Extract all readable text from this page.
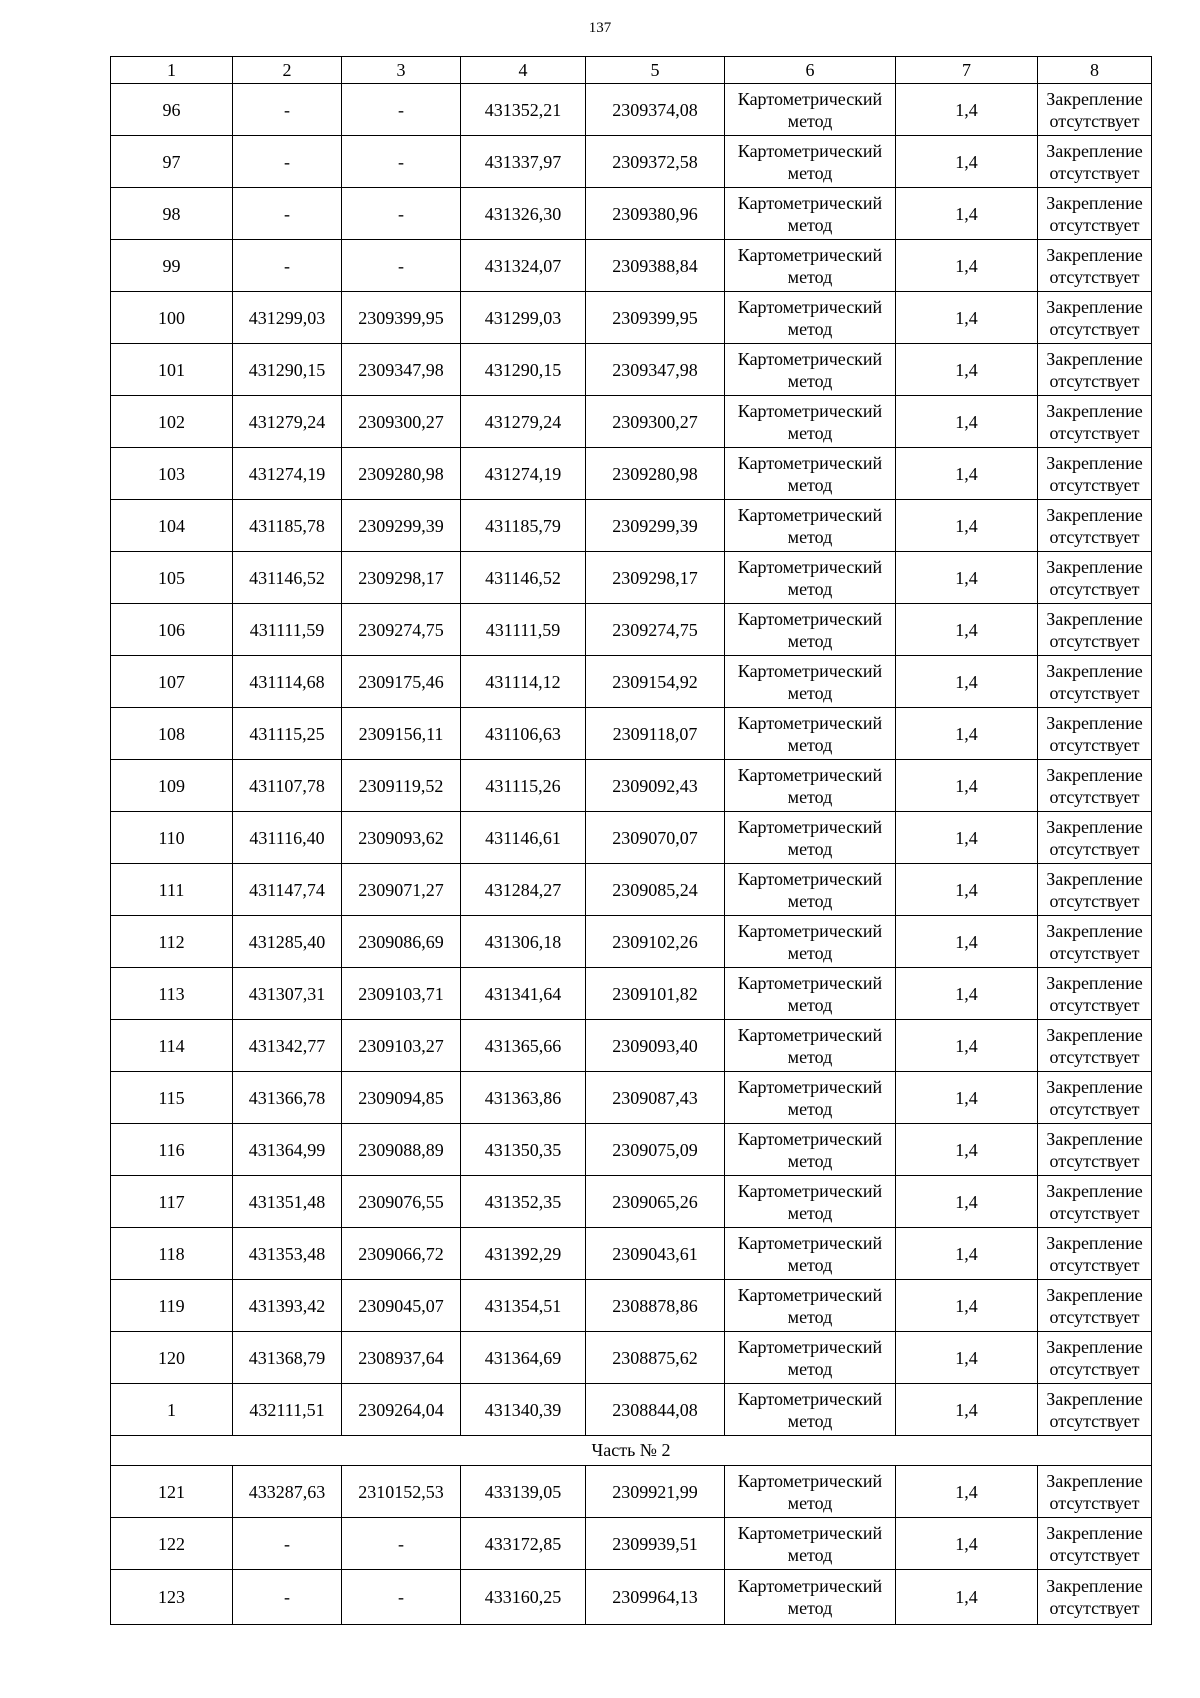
137
1	2	3	4	5	6	7	8
96	-	-	431352,21	2309374,08	Картометрический метод	1,4	Закрепление отсутствует
97	-	-	431337,97	2309372,58	Картометрический метод	1,4	Закрепление отсутствует
98	-	-	431326,30	2309380,96	Картометрический метод	1,4	Закрепление отсутствует
99	-	-	431324,07	2309388,84	Картометрический метод	1,4	Закрепление отсутствует
100	431299,03	2309399,95	431299,03	2309399,95	Картометрический метод	1,4	Закрепление отсутствует
101	431290,15	2309347,98	431290,15	2309347,98	Картометрический метод	1,4	Закрепление отсутствует
102	431279,24	2309300,27	431279,24	2309300,27	Картометрический метод	1,4	Закрепление отсутствует
103	431274,19	2309280,98	431274,19	2309280,98	Картометрический метод	1,4	Закрепление отсутствует
104	431185,78	2309299,39	431185,79	2309299,39	Картометрический метод	1,4	Закрепление отсутствует
105	431146,52	2309298,17	431146,52	2309298,17	Картометрический метод	1,4	Закрепление отсутствует
106	431111,59	2309274,75	431111,59	2309274,75	Картометрический метод	1,4	Закрепление отсутствует
107	431114,68	2309175,46	431114,12	2309154,92	Картометрический метод	1,4	Закрепление отсутствует
108	431115,25	2309156,11	431106,63	2309118,07	Картометрический метод	1,4	Закрепление отсутствует
109	431107,78	2309119,52	431115,26	2309092,43	Картометрический метод	1,4	Закрепление отсутствует
110	431116,40	2309093,62	431146,61	2309070,07	Картометрический метод	1,4	Закрепление отсутствует
111	431147,74	2309071,27	431284,27	2309085,24	Картометрический метод	1,4	Закрепление отсутствует
112	431285,40	2309086,69	431306,18	2309102,26	Картометрический метод	1,4	Закрепление отсутствует
113	431307,31	2309103,71	431341,64	2309101,82	Картометрический метод	1,4	Закрепление отсутствует
114	431342,77	2309103,27	431365,66	2309093,40	Картометрический метод	1,4	Закрепление отсутствует
115	431366,78	2309094,85	431363,86	2309087,43	Картометрический метод	1,4	Закрепление отсутствует
116	431364,99	2309088,89	431350,35	2309075,09	Картометрический метод	1,4	Закрепление отсутствует
117	431351,48	2309076,55	431352,35	2309065,26	Картометрический метод	1,4	Закрепление отсутствует
118	431353,48	2309066,72	431392,29	2309043,61	Картометрический метод	1,4	Закрепление отсутствует
119	431393,42	2309045,07	431354,51	2308878,86	Картометрический метод	1,4	Закрепление отсутствует
120	431368,79	2308937,64	431364,69	2308875,62	Картометрический метод	1,4	Закрепление отсутствует
1	432111,51	2309264,04	431340,39	2308844,08	Картометрический метод	1,4	Закрепление отсутствует
Часть № 2							
121	433287,63	2310152,53	433139,05	2309921,99	Картометрический метод	1,4	Закрепление отсутствует
122	-	-	433172,85	2309939,51	Картометрический метод	1,4	Закрепление отсутствует
123	-	-	433160,25	2309964,13	Картометрический метод	1,4	Закрепление отсутствует
